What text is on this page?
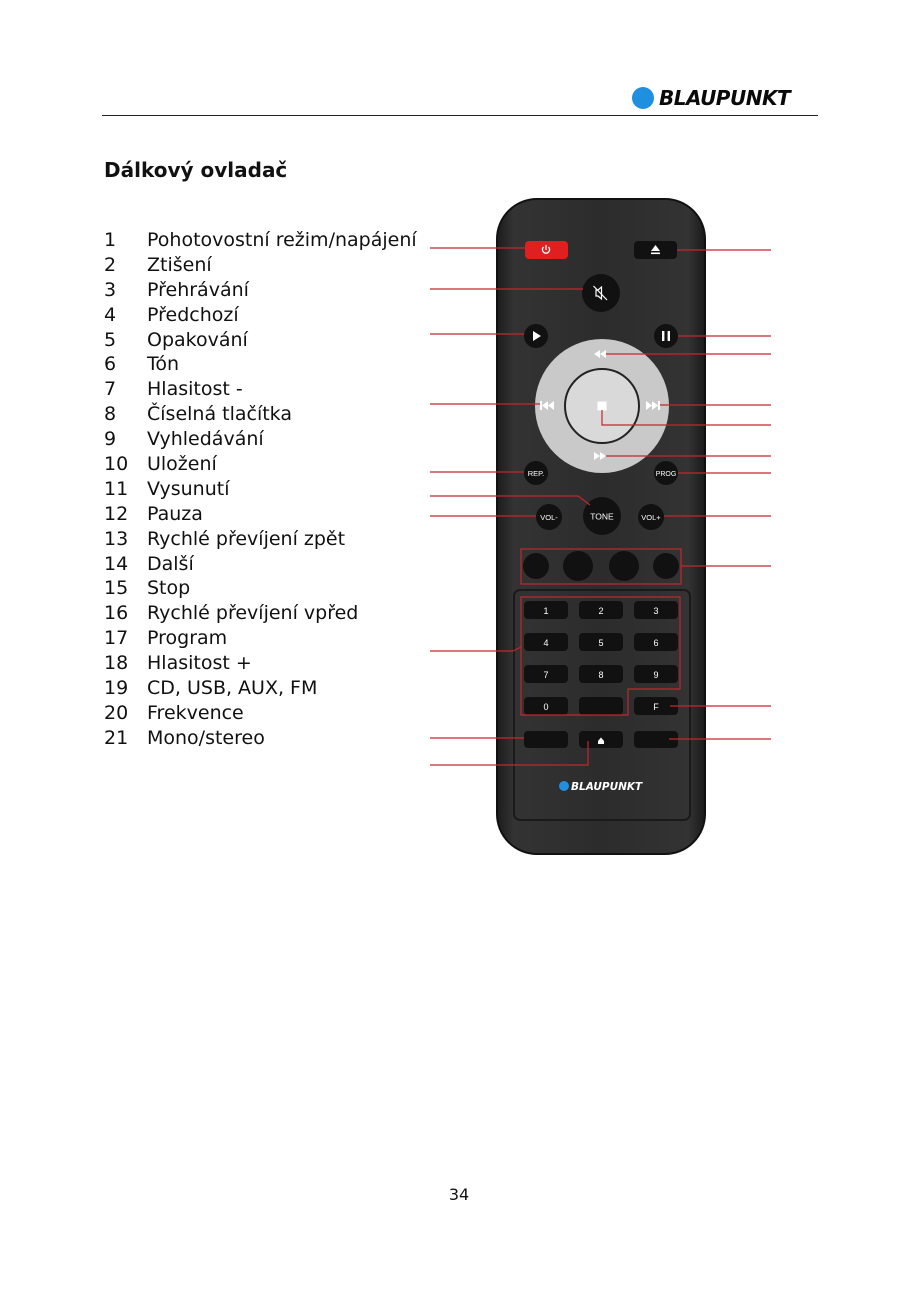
BLAUPUNKT
Dálkový ovladač
1	Pohotovostní režim/napájení
2	Ztišení
3	Přehrávání
4	Předchozí
5	Opakování
6	Tón
7	Hlasitost -
8	Číselná tlačítka
9	Vyhledávání
10 Uložení
11 Vysunutí
12 Pauza
13 Rychlé převíjení zpět
14 Další
15 Stop
16 Rychlé převíjení vpřed
17 Program
18 Hlasitost +
19 CD, USB, AUX, FM
20 Frekvence
21 Mono/stereo
REP.	PROG
VOL-	TONE	VOL+
1	2	3
4	5	6
7	8	9
0	F
BLAUPUNKT
34
